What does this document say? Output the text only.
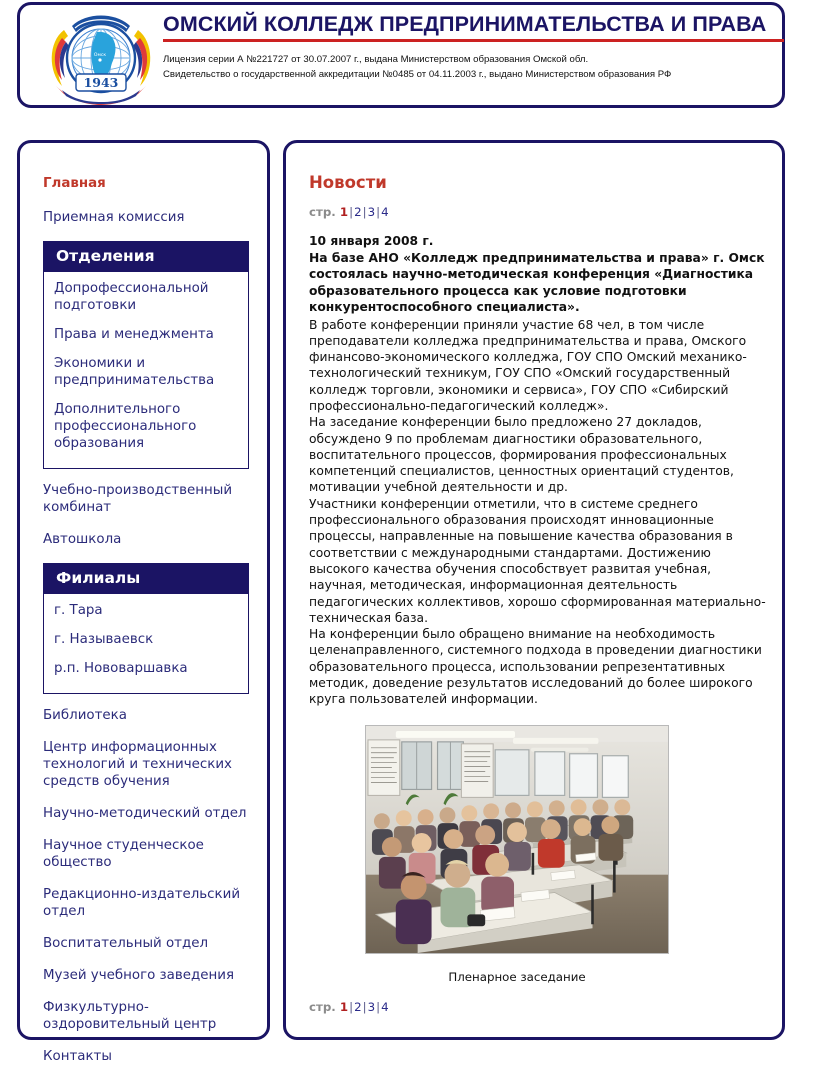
Омск
1943
ОМСКИЙ КОЛЛЕДЖ ПРЕДПРИНИМАТЕЛЬСТВА И ПРАВА
Лицензия серии А №221727 от 30.07.2007 г., выдана Министерством образования Омской обл.
Свидетельство о государственной аккредитации №0485 от 04.11.2003 г., выдано Министерством образования РФ
Главная
Приемная комиссия
Отделения
Допрофессиональной подготовки
Права и менеджмента
Экономики и предпринимательства
Дополнительного профессионального образования
Учебно-производственный комбинат
Автошкола
Филиалы
г. Тара
г. Называевск
р.п. Нововаршавка
Библиотека
Центр информационных технологий и технических средств обучения
Научно-методический отдел
Научное студенческое общество
Редакционно-издательский отдел
Воспитательный отдел
Музей учебного заведения
Физкультурно-оздоровительный центр
Контакты
Новости
стр. 1|2|3|4
10 января 2008 г.
На базе АНО «Колледж предпринимательства и права» г. Омск состоялась научно-методическая конференция «Диагностика образовательного процесса как условие подготовки конкурентоспособного специалиста».

В работе конференции приняли участие 68 чел, в том числе преподаватели колледжа предпринимательства и права, Омского финансово-экономического колледжа, ГОУ СПО Омский механико-технологический техникум, ГОУ СПО «Омский государственный колледж торговли, экономики и сервиса», ГОУ СПО «Сибирский профессионально-педагогический колледж».

На заседание конференции было предложено 27 докладов, обсуждено 9 по проблемам диагностики образовательного, воспитательного процессов, формирования профессиональных компетенций специалистов, ценностных ориентаций студентов, мотивации учебной деятельности и др.

Участники конференции отметили, что в системе среднего профессионального образования происходят инновационные процессы, направленные на повышение качества образования в соответствии с международными стандартами. Достижению высокого качества обучения способствует развитая учебная, научная, методическая, информационная деятельность педагогических коллективов, хорошо сформированная материально-техническая база.

На конференции было обращено внимание на необходимость целенаправленного, системного подхода в проведении диагностики образовательного процесса, использовании репрезентативных методик, доведение результатов исследований до более широкого круга пользователей информации.

Пленарное заседание
стр. 1|2|3|4
